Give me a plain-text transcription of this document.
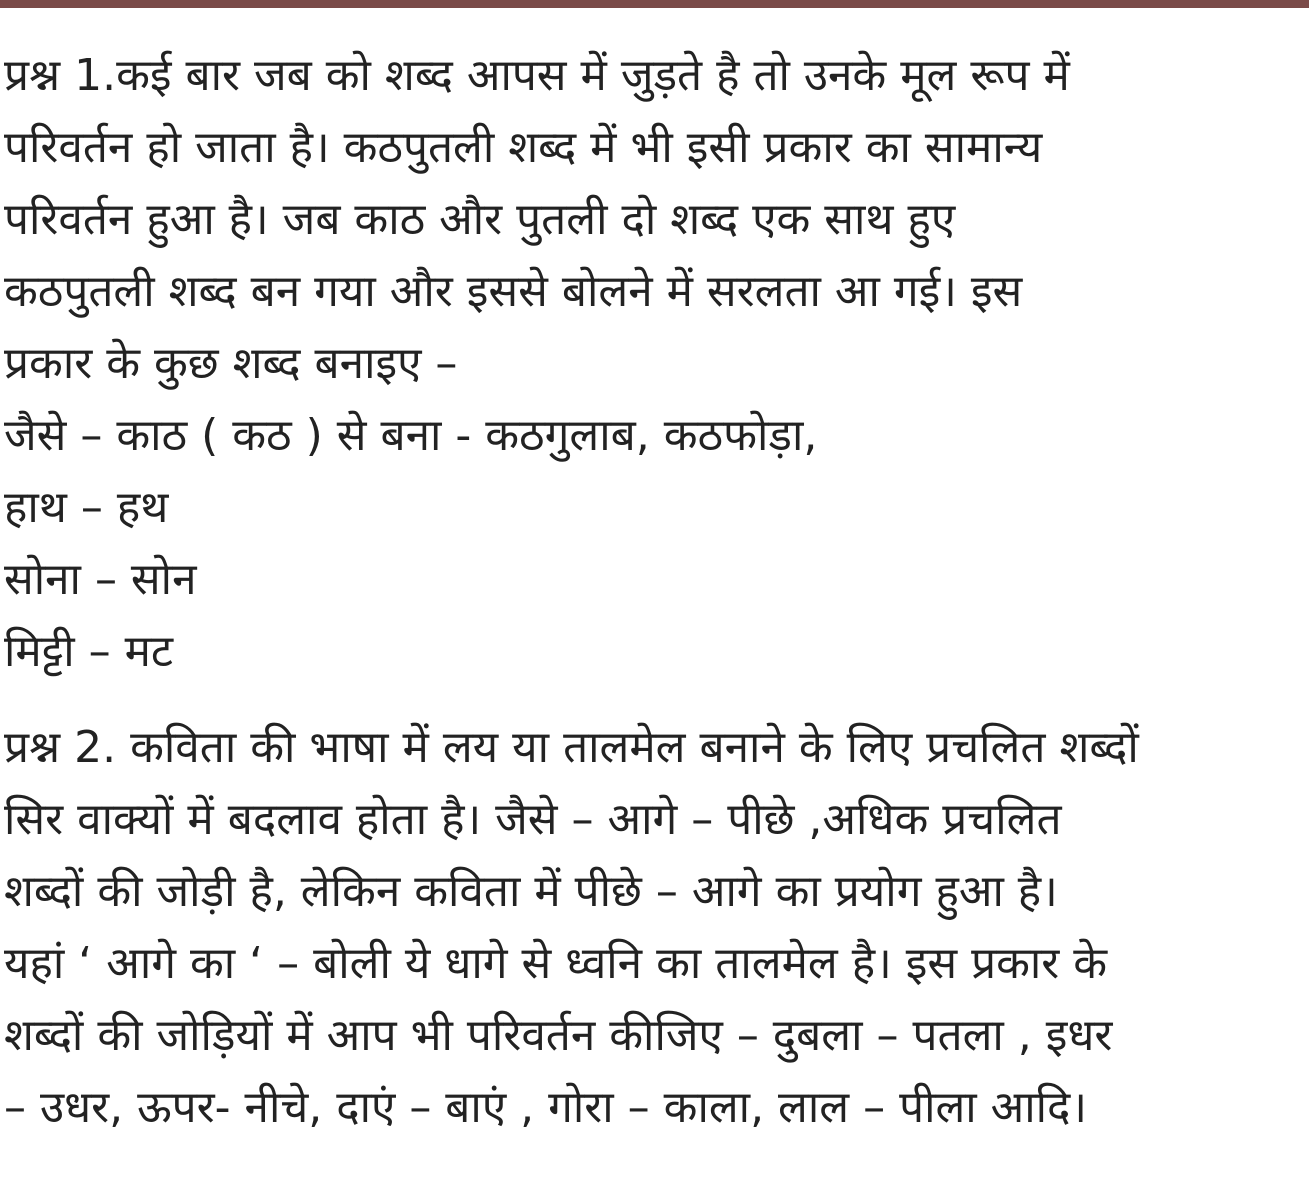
प्रश्न 1.कई बार जब को शब्द आपस में जुड़ते है तो उनके मूल रूप में
परिवर्तन हो जाता है। कठपुतली शब्द में भी इसी प्रकार का सामान्य
परिवर्तन हुआ है। जब काठ और पुतली दो शब्द एक साथ हुए
कठपुतली शब्द बन गया और इससे बोलने में सरलता आ गई। इस
प्रकार के कुछ शब्द बनाइए –
जैसे – काठ ( कठ ) से बना - कठगुलाब, कठफोड़ा,
हाथ – हथ
सोना – सोन
मिट्टी – मट
प्रश्न 2. कविता की भाषा में लय या तालमेल बनाने के लिए प्रचलित शब्दों
सिर वाक्यों में बदलाव होता है। जैसे – आगे – पीछे ,अधिक प्रचलित
शब्दों की जोड़ी है, लेकिन कविता में पीछे – आगे का प्रयोग हुआ है।
यहां ‘ आगे का ‘ – बोली ये धागे से ध्वनि का तालमेल है। इस प्रकार के
शब्दों की जोड़ियों में आप भी परिवर्तन कीजिए – दुबला – पतला , इधर
– उधर, ऊपर- नीचे, दाएं – बाएं , गोरा – काला, लाल – पीला आदि।
